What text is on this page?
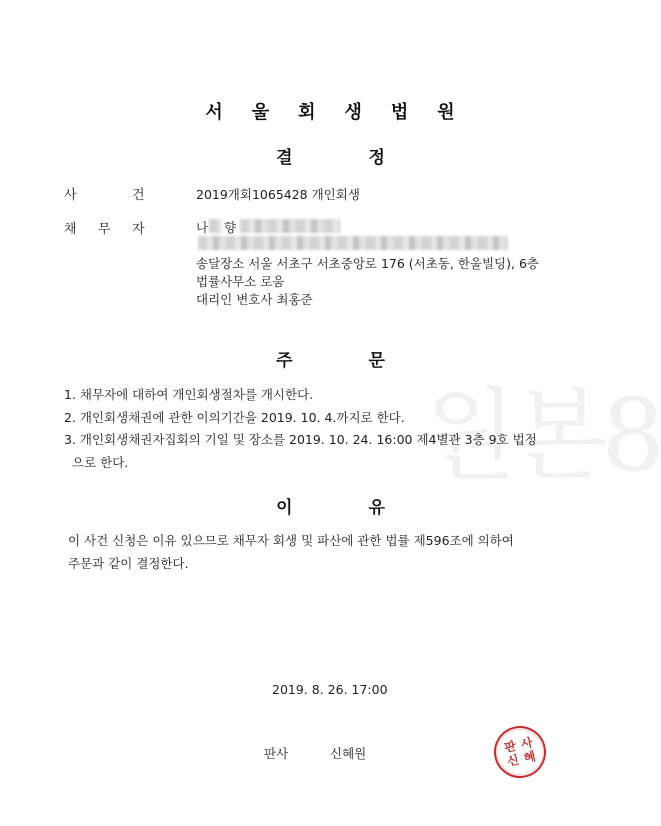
원본8
서 울 회 생 법 원
결	정
사	건	2019개회1065428 개인회생
채 무 자	나 향
송달장소 서울 서초구 서초중앙로 176 (서초동, 한울빌딩), 6층
법률사무소 로움
대리인 변호사 최홍준
주	문
1. 채무자에 대하여 개인회생절차를 개시한다.
2. 개인회생채권에 관한 이의기간을 2019. 10. 4.까지로 한다.
3. 개인회생채권자집회의 기일 및 장소를 2019. 10. 24. 16:00 제4별관 3층 9호 법정
으로 한다.
이	유
이 사건 신청은 이유 있으므로 채무자 회생 및 파산에 관한 법률 제596조에 의하여
주문과 같이 결정한다.
2019. 8. 26. 17:00
판사	신혜원	판 사
신 혜
